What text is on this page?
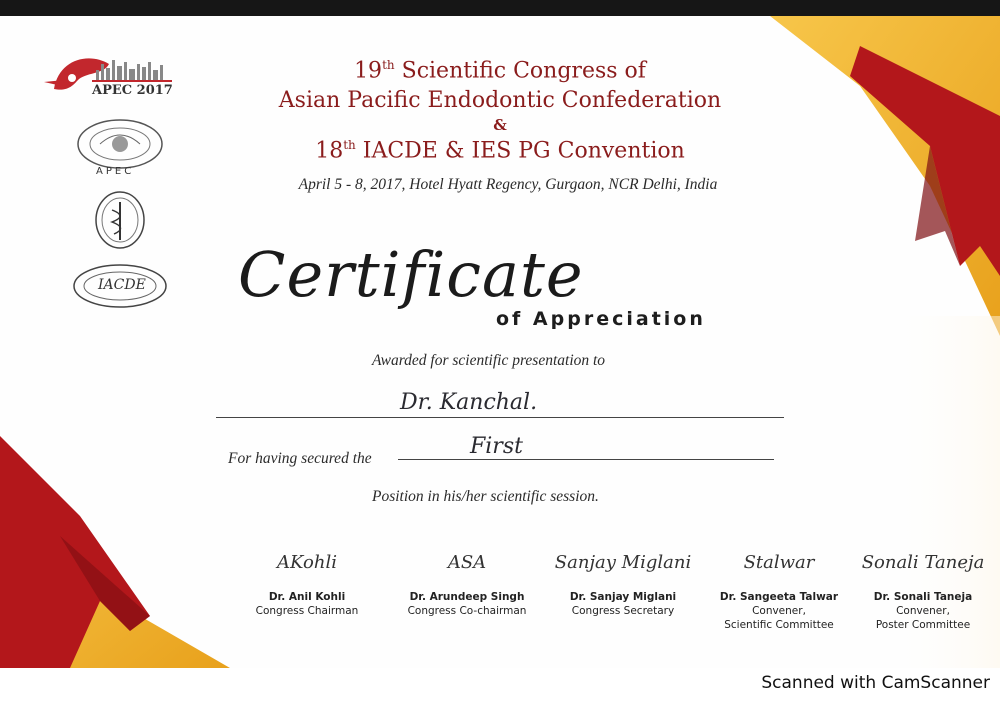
APEC 2017
APEC
IACDE
19th Scientific Congress of
Asian Pacific Endodontic Confederation
&
18th IACDE & IES PG Convention
April 5 - 8, 2017, Hotel Hyatt Regency, Gurgaon, NCR Delhi, India
Certificate
of Appreciation
Awarded for scientific presentation to
Dr. Kanchal.
For having secured the	First
Position in his/her scientific session.
AKohli
Dr. Anil Kohli
Congress Chairman
ASA
Dr. Arundeep Singh
Congress Co-chairman
Sanjay Miglani
Dr. Sanjay Miglani
Congress Secretary
Stalwar
Dr. Sangeeta Talwar
Convener,
Scientific Committee
Sonali Taneja
Dr. Sonali Taneja
Convener,
Poster Committee
Scanned with CamScanner
